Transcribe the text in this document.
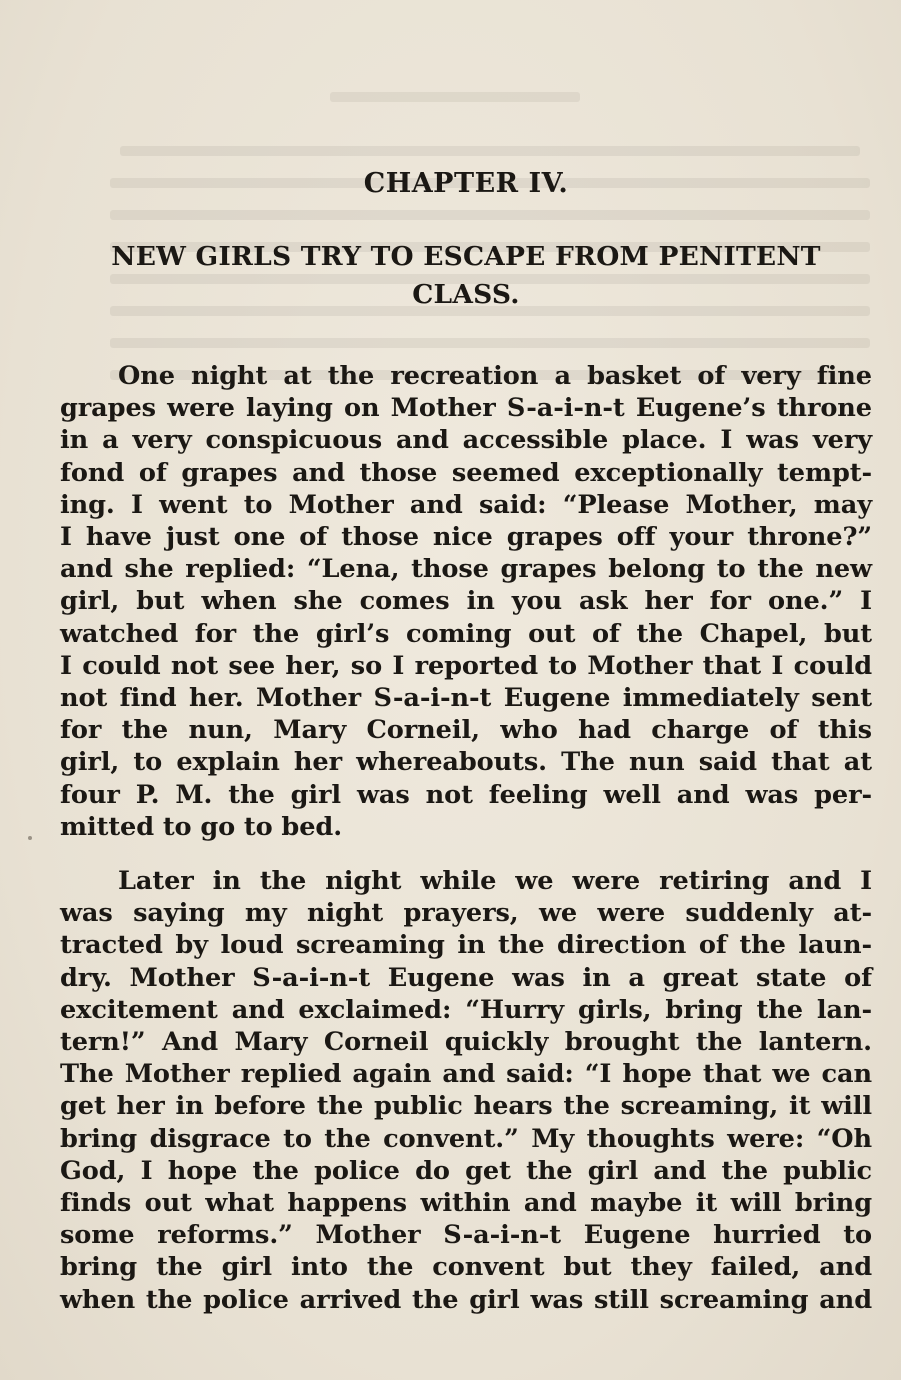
CHAPTER IV.
NEW GIRLS TRY TO ESCAPE FROM PENITENT
CLASS.
One night at the recreation a basket of very fine
grapes were laying on Mother S-a-i-n-t Eugene’s throne
in a very conspicuous and accessible place. I was very
fond of grapes and those seemed exceptionally tempt-
ing. I went to Mother and said: “Please Mother, may
I have just one of those nice grapes off your throne?”
and she replied: “Lena, those grapes belong to the new
girl, but when she comes in you ask her for one.” I
watched for the girl’s coming out of the Chapel, but
I could not see her, so I reported to Mother that I could
not find her. Mother S-a-i-n-t Eugene immediately sent
for the nun, Mary Corneil, who had charge of this
girl, to explain her whereabouts. The nun said that at
four P. M. the girl was not feeling well and was per-
mitted to go to bed.
Later in the night while we were retiring and I
was saying my night prayers, we were suddenly at-
tracted by loud screaming in the direction of the laun-
dry. Mother S-a-i-n-t Eugene was in a great state of
excitement and exclaimed: “Hurry girls, bring the lan-
tern!” And Mary Corneil quickly brought the lantern.
The Mother replied again and said: “I hope that we can
get her in before the public hears the screaming, it will
bring disgrace to the convent.” My thoughts were: “Oh
God, I hope the police do get the girl and the public
finds out what happens within and maybe it will bring
some reforms.” Mother S-a-i-n-t Eugene hurried to
bring the girl into the convent but they failed, and
when the police arrived the girl was still screaming and
